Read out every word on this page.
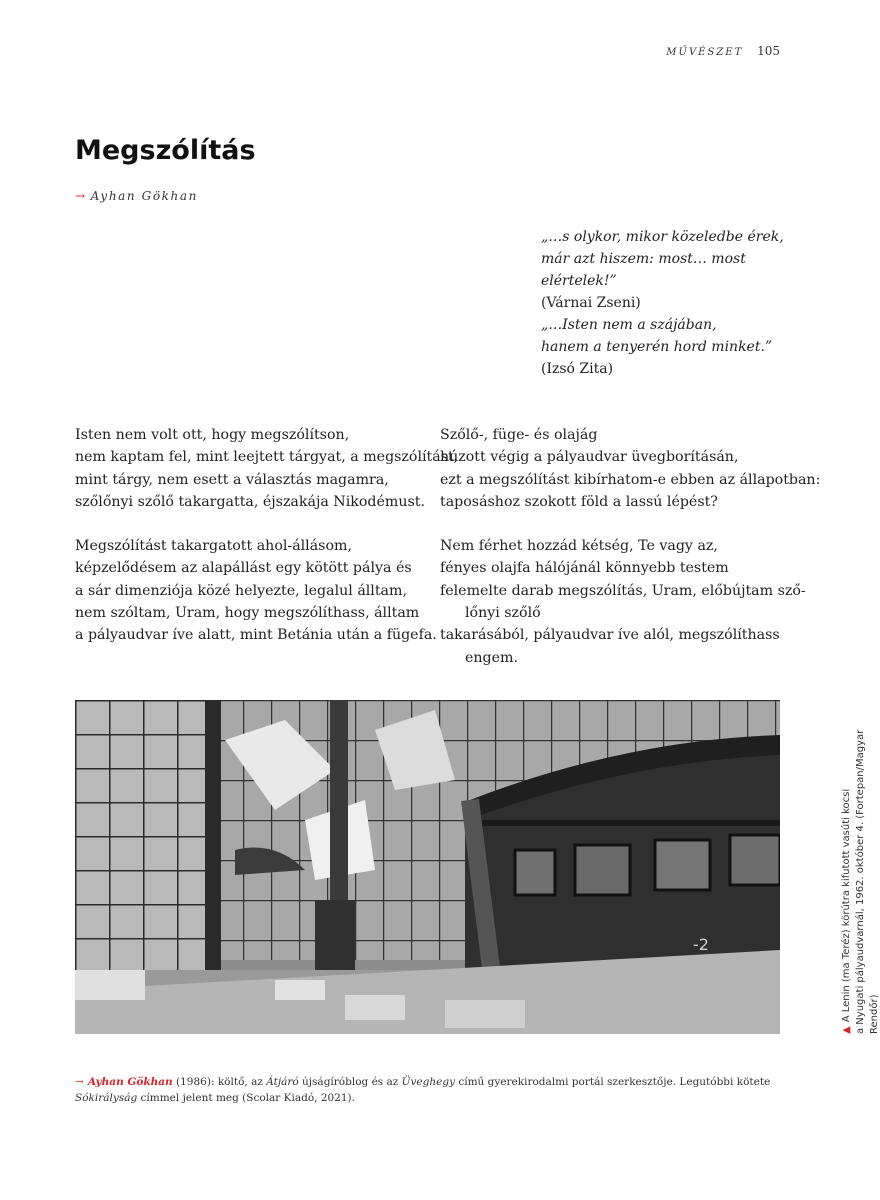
MŰVÉSZET 105
Megszólítás
→ Ayhan Gökhan
„…s olykor, mikor közeledbe érek,
már azt hiszem: most… most elértelek!”
(Várnai Zseni)
„…Isten nem a szájában,
hanem a tenyerén hord minket.”
(Izsó Zita)
Isten nem volt ott, hogy megszólítson,
nem kaptam fel, mint leejtett tárgyat, a megszólítást,
mint tárgy, nem esett a választás magamra,
szőlőnyi szőlő takargatta, éjszakája Nikodémust.
Megszólítást takargatott ahol-állásom,
képzelődésem az alapállást egy kötött pálya és
a sár dimenziója közé helyezte, legalul álltam,
nem szóltam, Uram, hogy megszólíthass, álltam
a pályaudvar íve alatt, mint Betánia után a fügefa.
Szőlő-, füge- és olajág
húzott végig a pályaudvar üvegborításán,
ezt a megszólítást kibírhatom-e ebben az állapotban:
taposáshoz szokott föld a lassú lépést?
Nem férhet hozzád kétség, Te vagy az,
fényes olajfa hálójánál könnyebb testem
felemelte darab megszólítás, Uram, előbújtam sző-
lőnyi szőlő
takarásából, pályaudvar íve alól, megszólíthass
engem.
-2
▲A Lenin (ma Teréz) körútra kifutott vasúti kocsi a Nyugati pályaudvarnál, 1962. október 4. (Fortepan/Magyar Rendőr)
→ Ayhan Gökhan (1986): költő, az Átjáró újságíróblog és az Üveghegy című gyerekirodalmi portál szerkesztője. Legutóbbi kötete Sókirályság címmel jelent meg (Scolar Kiadó, 2021).
